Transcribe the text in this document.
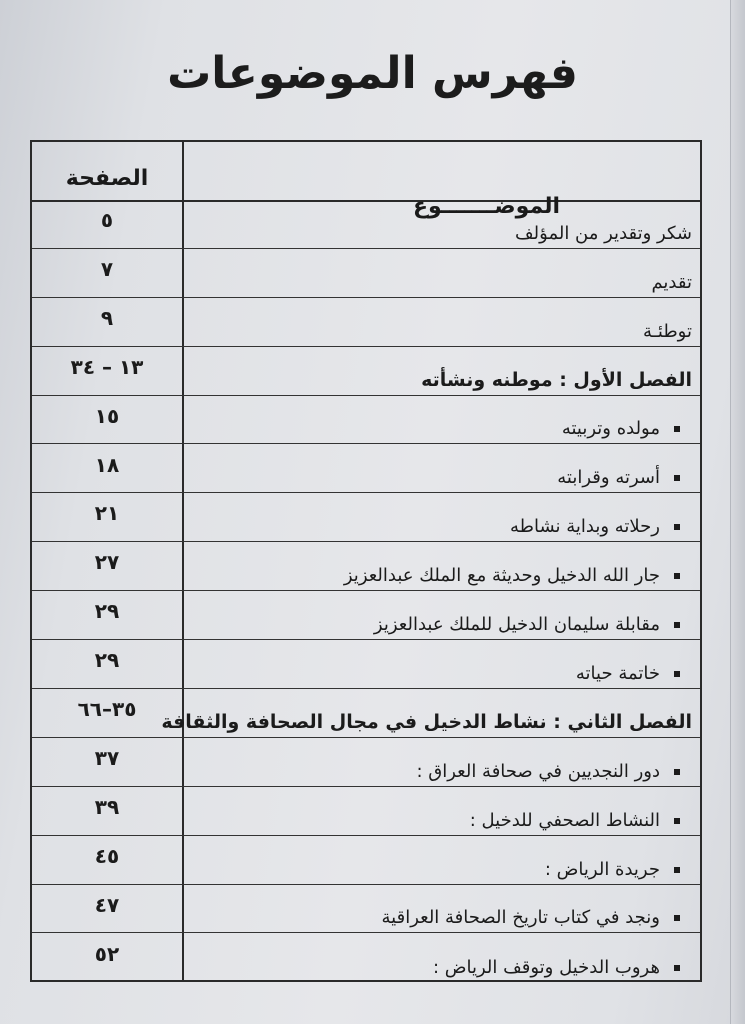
فهرس الموضوعات
الموضـــــــوع
الصفحة
شكر وتقدير من المؤلف
٥
تقديم
٧
توطئـة
٩
الفصل الأول : موطنه ونشأته
١٣ – ٣٤
مولده وتربيته
١٥
أسرته وقرابته
١٨
رحلاته وبداية نشاطه
٢١
جار الله الدخيل وحديثة مع الملك عبدالعزيز
٢٧
مقابلة سليمان الدخيل للملك عبدالعزيز
٢٩
خاتمة حياته
٢٩
الفصل الثاني : نشاط الدخيل في مجال الصحافة والثقافة
٣٥–٦٦
دور النجديين في صحافة العراق :
٣٧
النشاط الصحفي للدخيل :
٣٩
جريدة الرياض :
٤٥
ونجد في كتاب تاريخ الصحافة العراقية
٤٧
هروب الدخيل وتوقف الرياض :
٥٢
